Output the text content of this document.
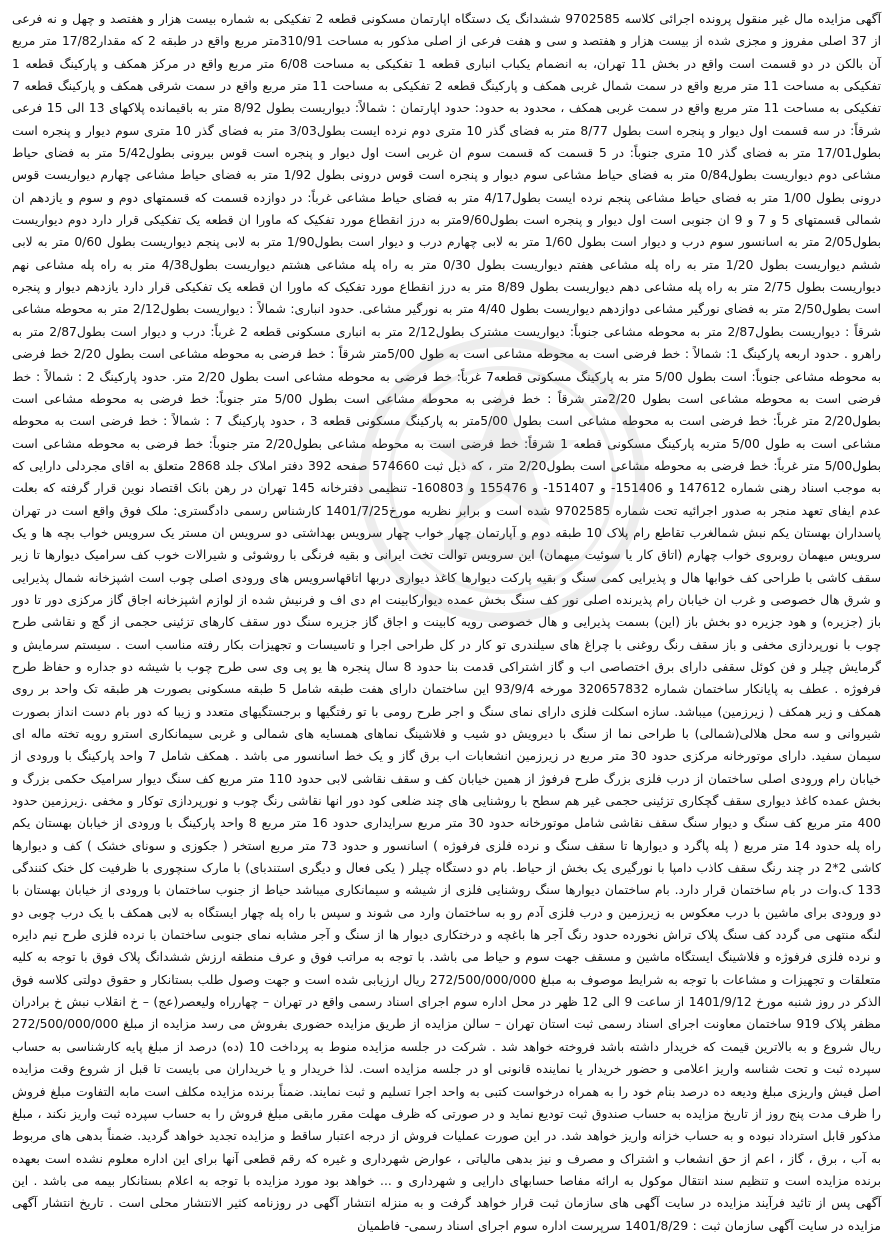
آگهی مزایده مال غیر منقول پرونده اجرائی کلاسه 9702585 ششدانگ یک دستگاه اپارتمان مسکونی قطعه 2 تفکیکی به شماره بیست هزار و هفتصد و چهل و نه فرعی از 37 اصلی مفروز و مجزی شده از بیست هزار و هفتصد و سی و هفت فرعی از اصلی مذکور به مساحت 310/91متر مربع واقع در طبقه 2 که مقدار17/82 متر مربع آن بالکن در دو قسمت است واقع در بخش 11 تهران، به انضمام یکباب انباری قطعه 1 تفکیکی به مساحت 6/08 متر مربع واقع در مرکز همکف و پارکینگ قطعه 1 تفکیکی به مساحت 11 متر مربع واقع در سمت شمال غربی همکف و پارکینگ قطعه 2 تفکیکی به مساحت 11 متر مربع واقع در سمت شرقی همکف و پارکینگ قطعه 7 تفکیکی به مساحت 11 متر مربع واقع در سمت غربی همکف ، محدود به حدود: حدود اپارتمان : شمالاً: دیواریست بطول 8/92 متر به باقیمانده پلاکهای 13 الی 15 فرعی شرقاً: در سه قسمت اول دیوار و پنجره است بطول 8/77 متر به فضای گذر 10 متری دوم نرده ایست بطول3/03 متر به فضای گذر 10 متری سوم دیوار و پنجره است بطول17/01 متر به فضای گذر 10 متری جنوباً: در 5 قسمت که قسمت سوم ان غربی است اول دیوار و پنجره است قوس بیرونی بطول5/42 متر به فضای حیاط مشاعی دوم دیواریست بطول0/84 متر به فضای حیاط مشاعی سوم دیوار و پنجره است قوس درونی بطول 1/92 متر به فضای حیاط مشاعی چهارم دیواریست قوس درونی بطول 1/00 متر به فضای حیاط مشاعی پنجم نرده ایست بطول4/17 متر به فضای حیاط مشاعی غرباً: در دوازده قسمت که قسمتهای دوم و سوم و یازدهم ان شمالی قسمتهای 5 و 7 و 9 ان جنوبی است اول دیوار و پنجره است بطول9/60متر به درز انقطاع مورد تفکیک که ماورا ان قطعه یک تفکیکی قرار دارد دوم دیواریست بطول2/05 متر به اسانسور سوم درب و دیوار است بطول 1/60 متر به لابی چهارم درب و دیوار است بطول1/90 متر به لابی پنجم دیواریست بطول 0/60 متر به لابی ششم دیواریست بطول 1/20 متر به راه پله مشاعی هفتم دیواریست بطول 0/30 متر به راه پله مشاعی هشتم دیواریست بطول4/38 متر به راه پله مشاعی نهم دیواریست بطول 2/75 متر به راه پله مشاعی دهم دیواریست بطول 8/89 متر به درز انقطاع مورد تفکیک که ماورا ان قطعه یک تفکیکی قرار دارد یازدهم دیوار و پنجره است بطول2/50 متر به فضای نورگیر مشاعی دوازدهم دیواریست بطول 4/40 متر به نورگیر مشاعی. حدود انباری: شمالاً : دیواریست بطول2/12 متر به محوطه مشاعی شرقاً : دیواریست بطول2/87 متر به محوطه مشاعی جنوباً: دیواریست مشترک بطول2/12 متر به انباری مسکونی قطعه 2 غرباً: درب و دیوار است بطول2/87 متر به راهرو . حدود اربعه پارکینگ 1: شمالاً : خط فرضی است به محوطه مشاعی است به طول 5/00متر شرقاً : خط فرضی به محوطه مشاعی است بطول 2/20 خط فرضی به محوطه مشاعی جنوباً: است بطول 5/00 متر به پارکینگ مسکونی قطعه7 غرباً: خط فرضی به محوطه مشاعی است بطول 2/20 متر. حدود پارکینگ 2 : شمالاً : خط فرضی است به محوطه مشاعی است بطول 2/20متر شرقاً : خط فرضی به محوطه مشاعی است بطول 5/00 متر جنوباً: خط فرضی به محوطه مشاعی است بطول2/20 متر غرباً: خط فرضی است به محوطه مشاعی است بطول 5/00متر به پارکینگ مسکونی قطعه 3 ، حدود پارکینگ 7 : شمالاً : خط فرضی است به محوطه مشاعی است به طول 5/00 متربه پارکینگ مسکونی قطعه 1 شرقاً: خط فرضی است به محوطه مشاعی بطول2/20 متر جنوباً: خط فرضی به محوطه مشاعی است بطول5/00 متر غرباً: خط فرضی به محوطه مشاعی است بطول2/20 متر ، که ذیل ثبت 574660 صفحه 392 دفتر املاک جلد 2868 متعلق به اقای مجردلی دارایی که به موجب اسناد رهنی شماره 147612 و 151406- و 151407- و 155476 و 160803- تنظیمی دفترخانه 145 تهران در رهن بانک اقتصاد نوین قرار گرفته که بعلت عدم ایفای تعهد منجر به صدور اجرائیه تحت شماره 9702585 شده است و برابر نظریه مورخ1401/7/25 کارشناس رسمی دادگستری: ملک فوق واقع است در تهران پاسداران بهستان یکم نبش شمالغرب تقاطع رام پلاک 10 طبقه دوم و آپارتمان چهار خواب چهار سرویس بهداشتی دو سرویس ان مستر یک سرویس خواب بچه ها و یک سرویس میهمان روبروی خواب چهارم (اتاق کار یا سوئیت میهمان) این سرویس توالت تخت ایرانی و بقیه فرنگی با روشوئی و شیرالات خوب کف سرامیک دیوارها تا زیر سقف کاشی با طراحی کف خوابها هال و پذیرایی کمی سنگ و بقیه پارکت دیوارها کاغذ دیواری دربها اتاقهاسرویس های ورودی اصلی چوب است اشپزخانه شمال پذیرایی و شرق هال خصوصی و غرب ان خیابان رام پذیرنده اصلی نور کف سنگ بخش عمده دیوارکابینت ام دی اف و فرنیش شده از لوازم اشپزخانه اجاق گاز مرکزی دور تا دور باز (جزیره) و هود جزیره دو بخش باز (این) بسمت پذیرایی و هال خصوصی رویه کابینت و اجاق گاز جزیره سنگ دور سقف کارهای تزئینی حجمی از گچ و نقاشی طرح چوب با نورپردازی مخفی و باز سقف رنگ روغنی با چراغ های سیلندری تو کار در کل طراحی اجرا و تاسیسات و تجهیزات بکار رفته مناسب است . سیستم سرمایش و گرمایش چیلر و فن کوئل سقفی دارای برق اختصاصی اب و گاز اشتراکی قدمت بنا حدود 8 سال پنجره ها یو پی وی سی طرح چوب با شیشه دو جداره و حفاظ طرح فرفوژه . عطف به پایانکار ساختمان شماره 320657832 مورخه 93/9/4 این ساختمان دارای هفت طبقه شامل 5 طبقه مسکونی بصورت هر طبقه تک واحد بر روی همکف و زیر همکف ( زیرزمین) میباشد. سازه اسکلت فلزی دارای نمای سنگ و اجر طرح رومی با تو رفتگیها و برجستگیهای متعدد و زیبا که دور بام دست انداز بصورت شیروانی و سه محل هلالی(شمالی) با طراحی نما از سنگ با دیرویش دو شیب و فلاشینگ نماهای همسایه های شمالی و غربی سیمانکاری استرو رویه تخته ماله ای سیمان سفید. دارای موتورخانه مرکزی حدود 30 متر مربع در زیرزمین انشعابات اب برق گاز و یک خط اسانسور می باشد . همکف شامل 7 واحد پارکینگ با ورودی از خیابان رام ورودی اصلی ساختمان از درب فلزی بزرگ طرح فرفوژ از همین خیابان کف و سقف نقاشی لابی حدود 110 متر مربع کف سنگ دیوار سرامیک حکمی بزرگ و بخش عمده کاغذ دیواری سقف گچکاری تزئینی حجمی غیر هم سطح با روشنایی های چند ضلعی کود دور انها نقاشی رنگ چوب و نورپردازی توکار و مخفی .زیرزمین حدود 400 متر مربع کف سنگ و دیوار سنگ سقف نقاشی شامل موتورخانه حدود 30 متر مربع سرایداری حدود 16 متر مربع 8 واحد پارکینگ با ورودی از خیابان بهستان یکم راه پله حدود 14 متر مربع ( پله پاگرد و دیوارها تا سقف سنگ و نرده فلزی فرفوژه ) اسانسور و حدود 73 متر مربع استخر ( جکوزی و سونای خشک ) کف و دیوارها کاشی 2*2 در چند رنگ سقف کاذب دامپا با نورگیری یک بخش از حیاط. بام دو دستگاه چیلر ( یکی فعال و دیگری استندبای) با مارک سنچوری با ظرفیت کل خنک کنندگی 133 ک.وات در بام ساختمان قرار دارد. بام ساختمان دیوارها سنگ روشنایی فلزی از شیشه و سیمانکاری میباشد حیاط از جنوب ساختمان با ورودی از خیابان بهستان با دو ورودی برای ماشین با درب معکوس به زیرزمین و درب فلزی آدم رو به ساختمان وارد می شوند و سپس با راه پله چهار ایستگاه به لابی همکف با یک درب چوبی دو لنگه منتهی می گردد کف سنگ پلاک تراش نخورده حدود رنگ آجر ها باغچه و درختکاری دیوار ها از سنگ و آجر مشابه نمای جنوبی ساختمان با نرده فلزی طرح نیم دایره و نرده فلزی فرفوژه و فلاشینگ ایستگاه ماشین و مسقف جهت سوم و حیاط می باشد. با توجه به مراتب فوق و عرف منطقه ارزش ششدانگ پلاک فوق با توجه به کلیه متعلقات و تجهیزات و مشاعات با توجه به شرایط موصوف به مبلغ 272/500/000/000 ریال ارزیابی شده است و جهت وصول طلب بستانکار و حقوق دولتی کلاسه فوق الذکر در روز شنبه مورخ 1401/9/12 از ساعت 9 الی 12 ظهر در محل اداره سوم اجرای اسناد رسمی واقع در تهران – چهارراه ولیعصر(عج) – خ انقلاب نبش خ برادران مظفر پلاک 919 ساختمان معاونت اجرای اسناد رسمی ثبت استان تهران – سالن مزایده از طریق مزایده حضوری بفروش می رسد مزایده از مبلغ 272/500/000/000 ریال شروع و به بالاترین قیمت که خریدار داشته باشد فروخته خواهد شد . شرکت در جلسه مزایده منوط به پرداخت 10 (ده) درصد از مبلغ پایه کارشناسی به حساب سپرده ثبت و تحت شناسه واریز اعلامی و حضور خریدار یا نماینده قانونی او در جلسه مزایده است. لذا خریدار و یا خریداران می بایست تا قبل از شروع وقت مزایده اصل فیش واریزی مبلغ ودیعه ده درصد بنام خود را به همراه درخواست کتبی به واحد اجرا تسلیم و ثبت نمایند. ضمناً برنده مزایده مکلف است مابه التفاوت مبلغ فروش را ظرف مدت پنج روز از تاریخ مزایده به حساب صندوق ثبت تودیع نماید و در صورتی که ظرف مهلت مقرر مابقی مبلغ فروش را به حساب سپرده ثبت واریز نکند ، مبلغ مذکور قابل استرداد نبوده و به حساب خزانه واریز خواهد شد. در این صورت عملیات فروش از درجه اعتبار ساقط و مزایده تجدید خواهد گردید. ضمناً بدهی های مربوط به آب ، برق ، گاز ، اعم از حق انشعاب و اشتراک و مصرف و نیز بدهی مالیاتی ، عوارض شهرداری و غیره که رقم قطعی آنها برای این اداره معلوم نشده است بعهده برنده مزایده است و تنظیم سند انتقال موکول به ارائه مفاصا حسابهای دارایی و شهرداری و ... خواهد بود مورد مزایده با توجه به اعلام بستانکار بیمه می باشد . این آگهی پس از تائید فرآیند مزایده در سایت آگهی های سازمان ثبت قرار خواهد گرفت و به منزله انتشار آگهی در روزنامه کثیر الانتشار محلی است . تاریخ انتشار آگهی مزایده در سایت آگهی سازمان ثبت : 1401/8/29 سرپرست اداره سوم اجرای اسناد رسمی- فاطمیان
